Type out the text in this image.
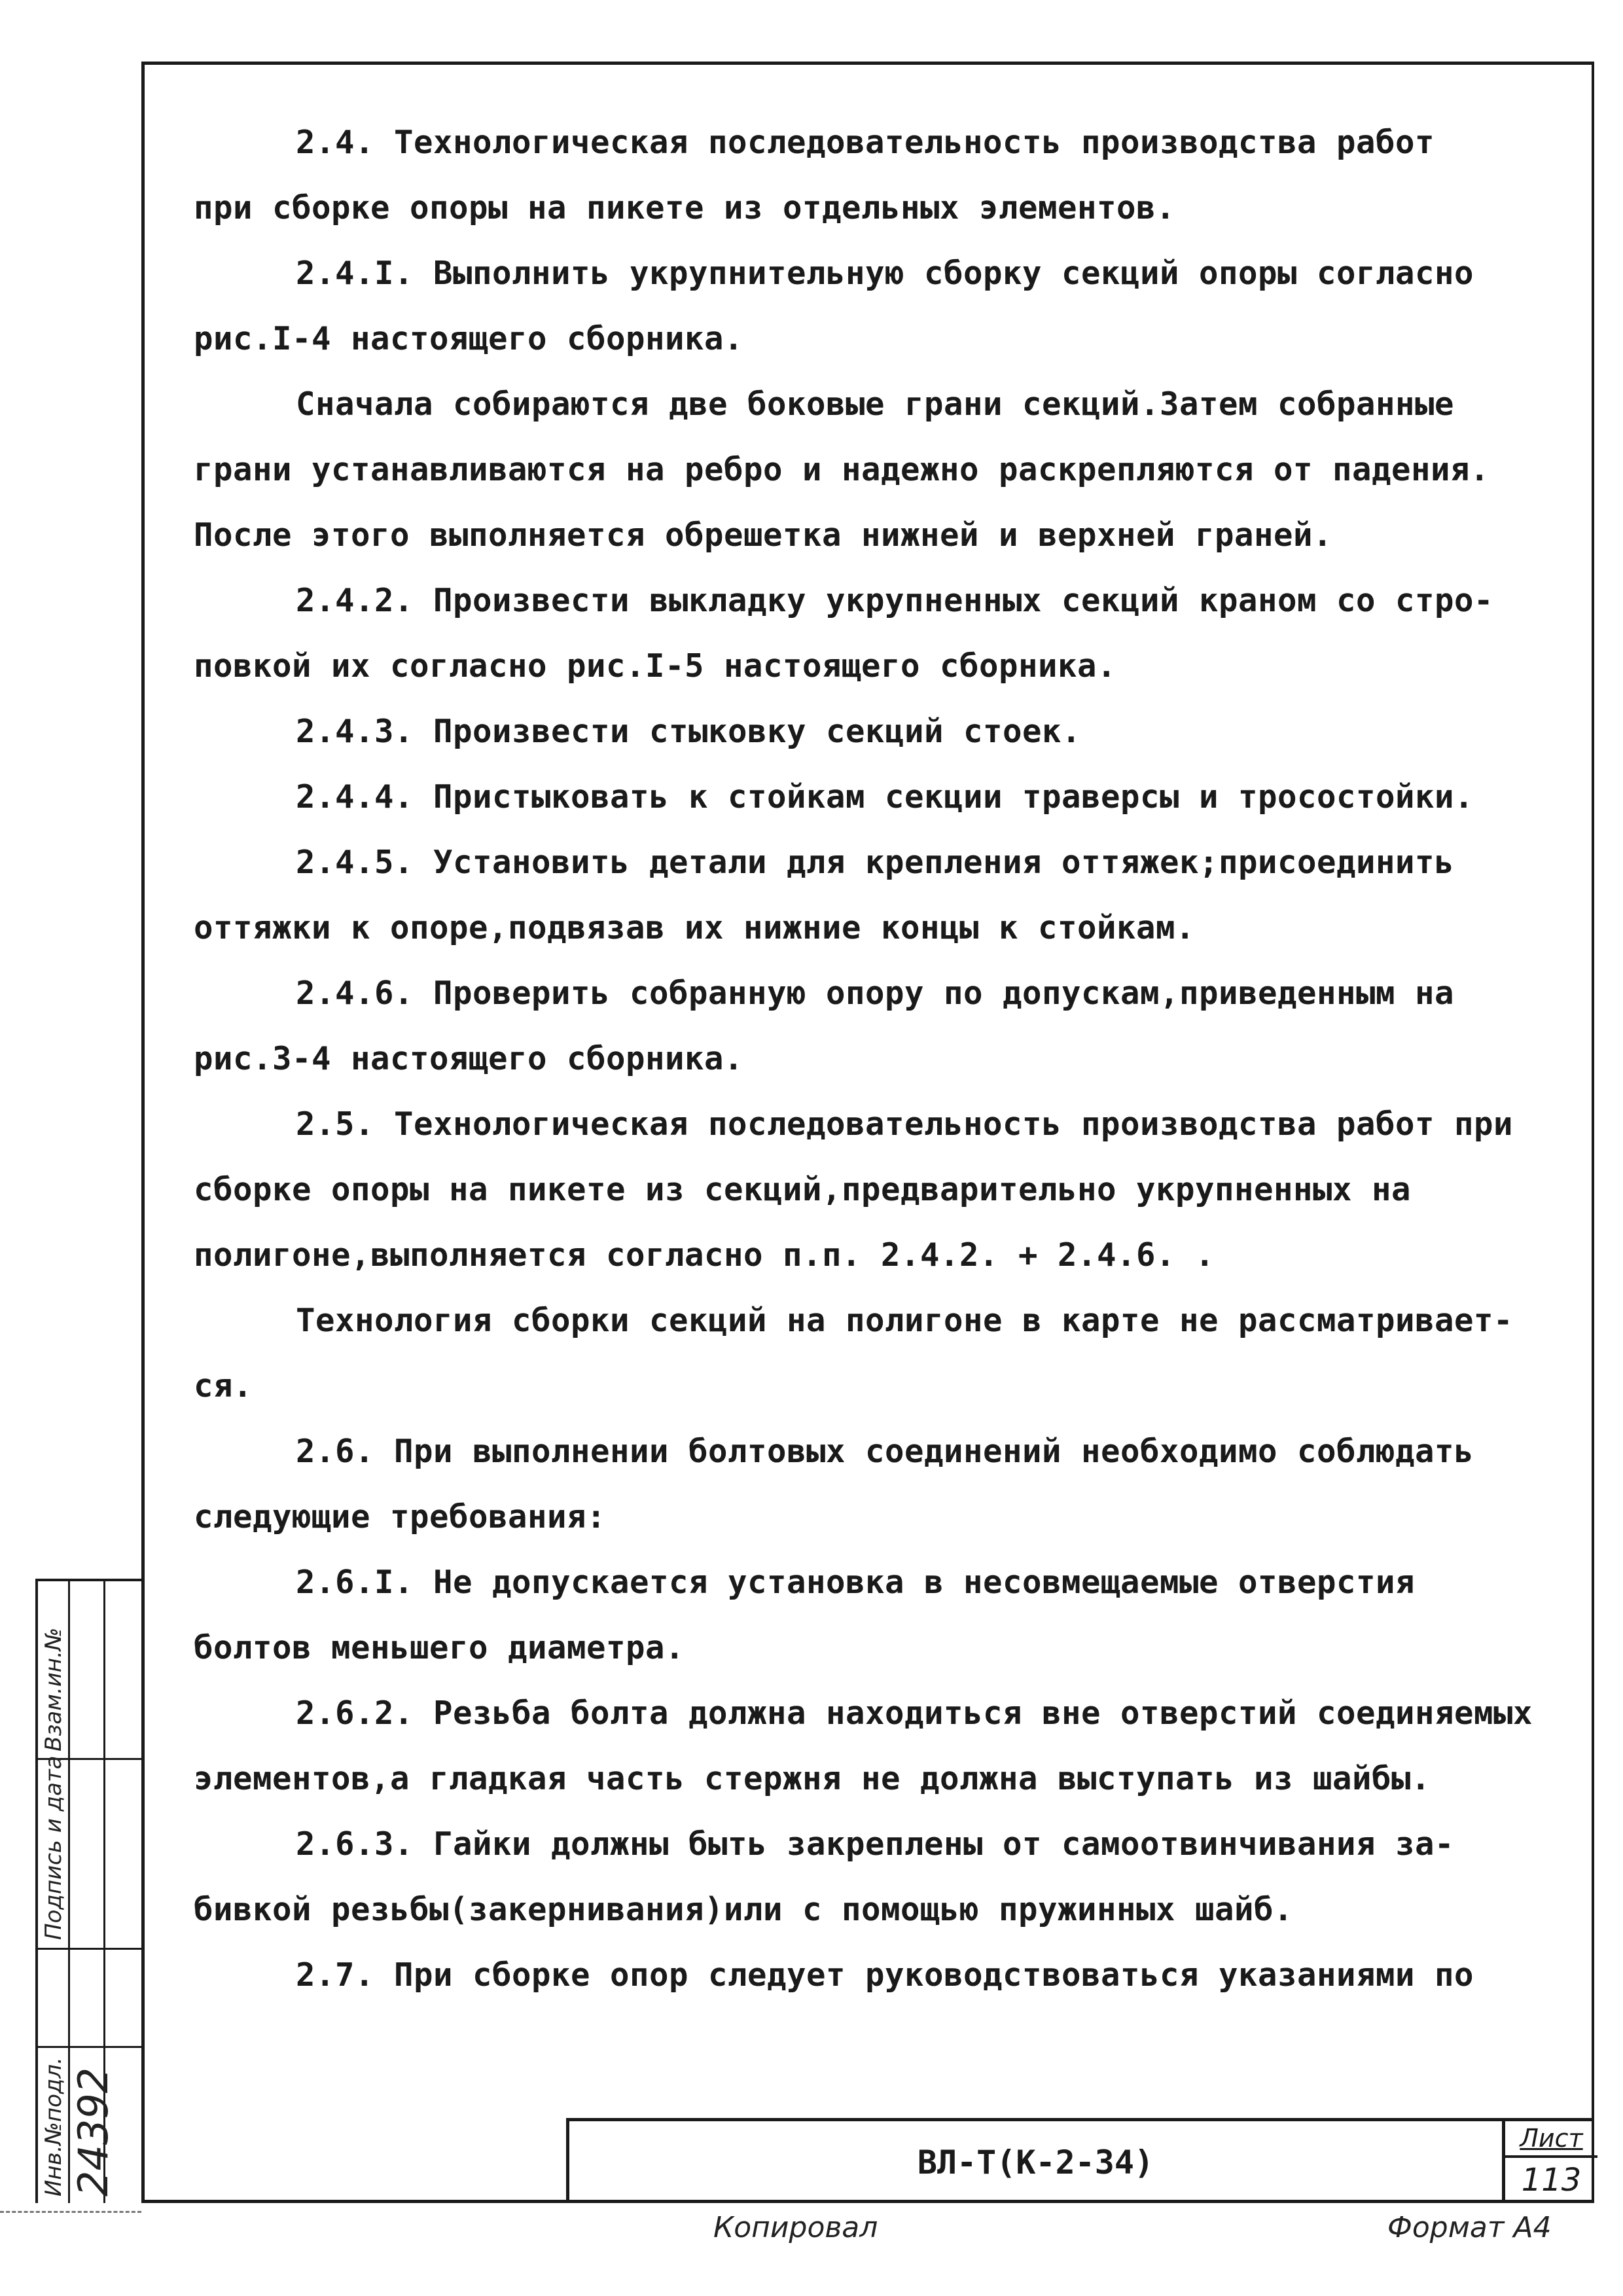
2.4. Технологическая последовательность производства работ

при сборке опоры на пикете из отдельных элементов.

2.4.I. Выполнить укрупнительную сборку секций опоры согласно

рис.I-4 настоящего сборника.

Сначала собираются две боковые грани секций.Затем собранные

грани устанавливаются на ребро и надежно раскрепляются от падения.

После этого выполняется обрешетка нижней и верхней граней.

2.4.2. Произвести выкладку укрупненных секций краном со стро-

повкой их согласно рис.I-5 настоящего сборника.

2.4.3. Произвести стыковку секций стоек.

2.4.4. Пристыковать к стойкам секции траверсы и тросостойки.

2.4.5. Установить детали для крепления оттяжек;присоединить

оттяжки к опоре,подвязав их нижние концы к стойкам.

2.4.6. Проверить собранную опору по допускам,приведенным на

рис.3-4 настоящего сборника.

2.5. Технологическая последовательность производства работ при

сборке опоры на пикете из секций,предварительно укрупненных на

полигоне,выполняется согласно п.п. 2.4.2. + 2.4.6. .

Технология сборки секций на полигоне в карте не рассматривает-

ся.

2.6. При выполнении болтовых соединений необходимо соблюдать

следующие требования:

2.6.I. Не допускается установка в несовмещаемые отверстия

болтов меньшего диаметра.

2.6.2. Резьба болта должна находиться вне отверстий соединяемых

элементов,а гладкая часть стержня не должна выступать из шайбы.

2.6.3. Гайки должны быть закреплены от самоотвинчивания за-

бивкой резьбы(закернивания)или с помощью пружинных шайб.

2.7. При сборке опор следует руководствоваться указаниями по

Взам.ин.№
Подпись и дата
Инв.№подл. 24392	ВЛ-Т(К-2-34)
Лист
113
Копировал	Формат А4
